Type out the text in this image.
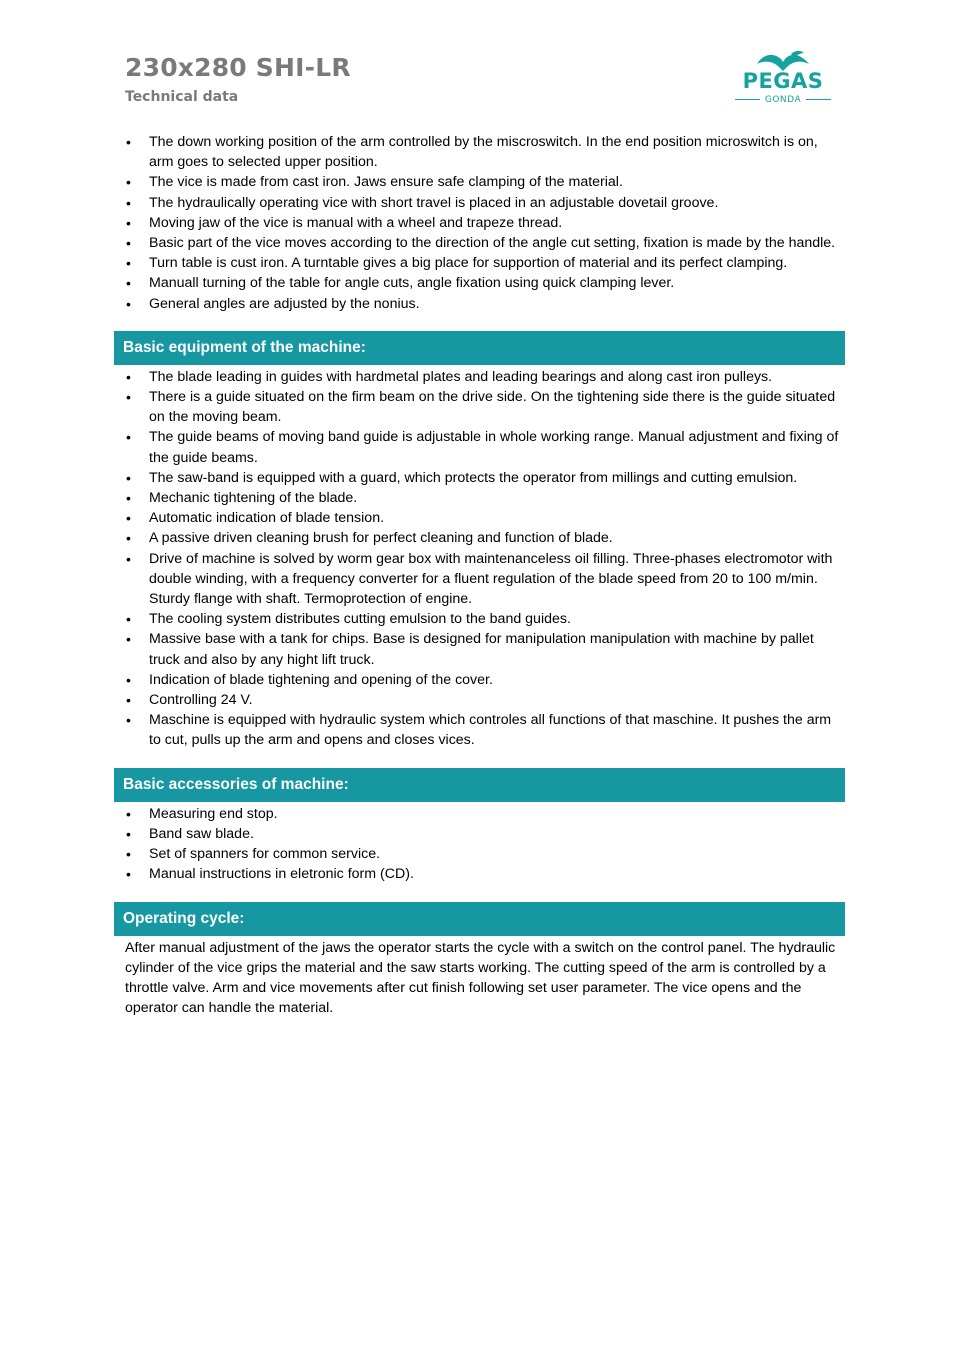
230x280 SHI-LR
Technical data
PEGAS
GONDA
• The down working position of the arm controlled by the miscroswitch. In the end position microswitch is on, arm goes to selected upper position.
• The vice is made from cast iron. Jaws ensure safe clamping of the material.
• The hydraulically operating vice with short travel is placed in an adjustable dovetail groove.
• Moving jaw of the vice is manual with a wheel and trapeze thread.
• Basic part of the vice moves according to the direction of the angle cut setting, fixation is made by the handle.
• Turn table is cust iron. A turntable gives a big place for supportion of material and its perfect clamping.
• Manuall turning of the table for angle cuts, angle fixation using quick clamping lever.
• General angles are adjusted by the nonius.
Basic equipment of the machine:
• The blade leading in guides with hardmetal plates and leading bearings and along cast iron pulleys.
• There is a guide situated on the firm beam on the drive side. On the tightening side there is the guide situated on the moving beam.
• The guide beams of moving band guide is adjustable in whole working range. Manual adjustment and fixing of the guide beams.
• The saw-band is equipped with a guard, which protects the operator from millings and cutting emulsion.
• Mechanic tightening of the blade.
• Automatic indication of blade tension.
• A passive driven cleaning brush for perfect cleaning and function of blade.
• Drive of machine is solved by worm gear box with maintenanceless oil filling. Three-phases electromotor with double winding, with a frequency converter for a fluent regulation of the blade speed from 20 to 100 m/min. Sturdy flange with shaft. Termoprotection of engine.
• The cooling system distributes cutting emulsion to the band guides.
• Massive base with a tank for chips. Base is designed for manipulation manipulation with machine by pallet truck and also by any hight lift truck.
• Indication of blade tightening and opening of the cover.
• Controlling 24 V.
• Maschine is equipped with hydraulic system which controles all functions of that maschine. It pushes the arm to cut, pulls up the arm and opens and closes vices.
Basic accessories of machine:
• Measuring end stop.
• Band saw blade.
• Set of spanners for common service.
• Manual instructions in eletronic form (CD).
Operating cycle:

After manual adjustment of the jaws the operator starts the cycle with a switch on the control panel. The hydraulic cylinder of the vice grips the material and the saw starts working. The cutting speed of the arm is controlled by a throttle valve. Arm and vice movements after cut finish following set user parameter. The vice opens and the operator can handle the material.
